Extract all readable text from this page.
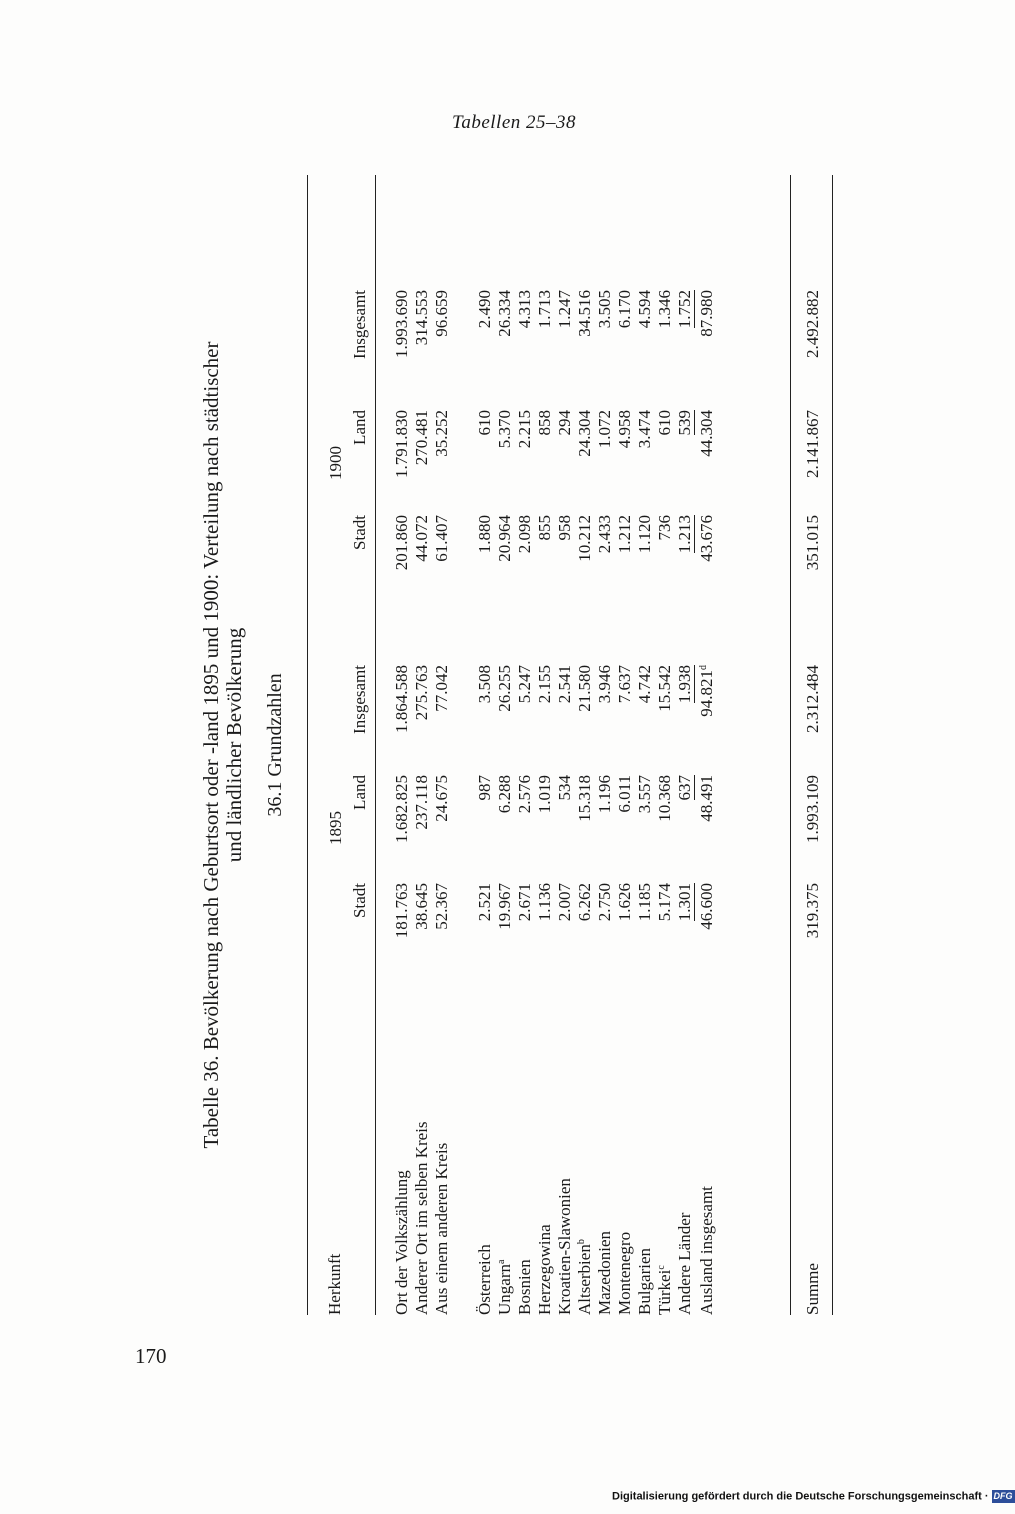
Tabellen 25–38
170
Tabelle 36. Bevölkerung nach Geburtsort oder -land 1895 und 1900: Verteilung nach städtischer und ländlicher Bevölkerung 36.1 Grundzahlen
Herkunft
1895
1900
Stadt
Land
Insgesamt
Stadt
Land
Insgesamt
Ort der Volkszählung
181.763
1.682.825
1.864.588
201.860
1.791.830
1.993.690
Anderer Ort im selben Kreis
38.645
237.118
275.763
44.072
270.481
314.553
Aus einem anderen Kreis
52.367
24.675
77.042
61.407
35.252
96.659
Österreich
2.521
987
3.508
1.880
610
2.490
Ungarn$^a$
19.967
6.288
26.255
20.964
5.370
26.334
Bosnien
2.671
2.576
5.247
2.098
2.215
4.313
Herzegowina
1.136
1.019
2.155
855
858
1.713
Kroatien-Slawonien
2.007
534
2.541
958
294
1.247
Altserbien$^b$
6.262
15.318
21.580
10.212
24.304
34.516
Mazedonien
2.750
1.196
3.946
2.433
1.072
3.505
Montenegro
1.626
6.011
7.637
1.212
4.958
6.170
Bulgarien
1.185
3.557
4.742
1.120
3.474
4.594
Türkei$^c$
5.174
10.368
15.542
736
610
1.346
Andere Länder
1.301
637
1.938
1.213
539
1.752
Ausland insgesamt
46.600
48.491
94.821$^d$
43.676
44.304
87.980
Summe
319.375
1.993.109
2.312.484
351.015
2.141.867
2.492.882
Digitalisierung gefördert durch die Deutsche Forschungsgemeinschaft · DFG
